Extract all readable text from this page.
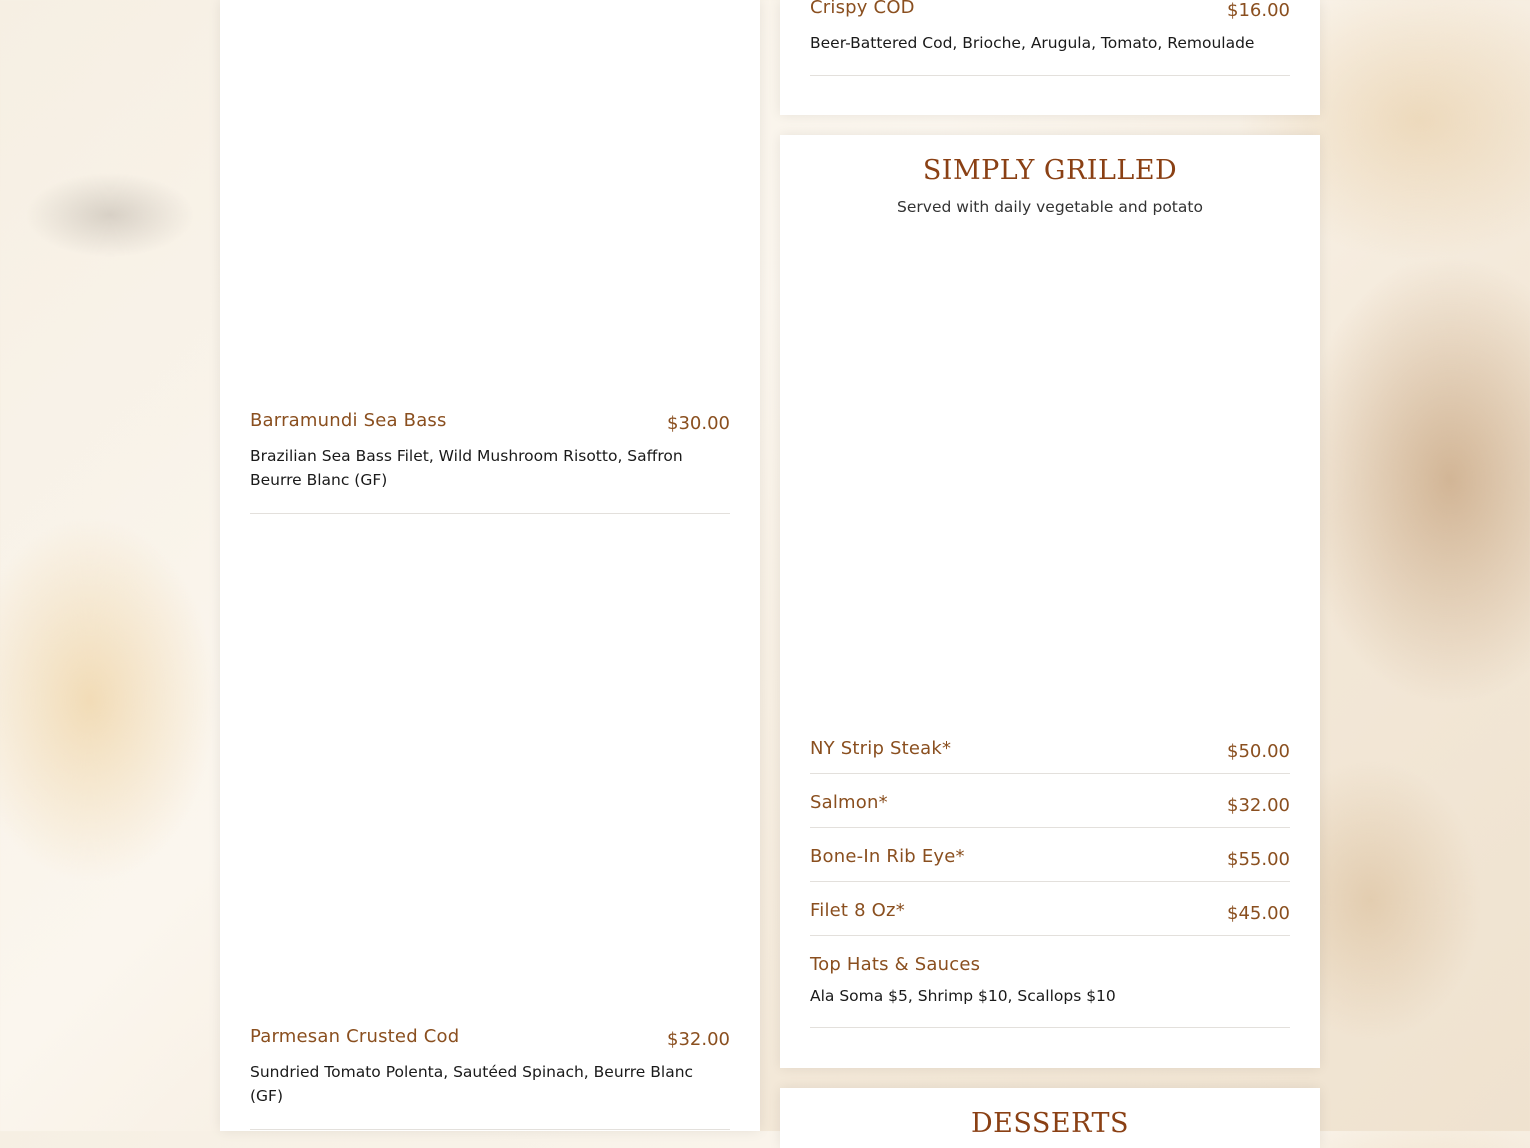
Barramundi Sea Bass	$30.00
Brazilian Sea Bass Filet, Wild Mushroom Risotto, Saffron Beurre Blanc (GF)
Parmesan Crusted Cod	$32.00
Sundried Tomato Polenta, Sautéed Spinach, Beurre Blanc (GF)
Crispy COD	$16.00
Beer-Battered Cod, Brioche, Arugula, Tomato, Remoulade
SIMPLY GRILLED
Served with daily vegetable and potato
NY Strip Steak*	$50.00
Salmon*	$32.00
Bone-In Rib Eye*	$55.00
Filet 8 Oz*	$45.00
Top Hats & Sauces
Ala Soma $5, Shrimp $10, Scallops $10
DESSERTS
